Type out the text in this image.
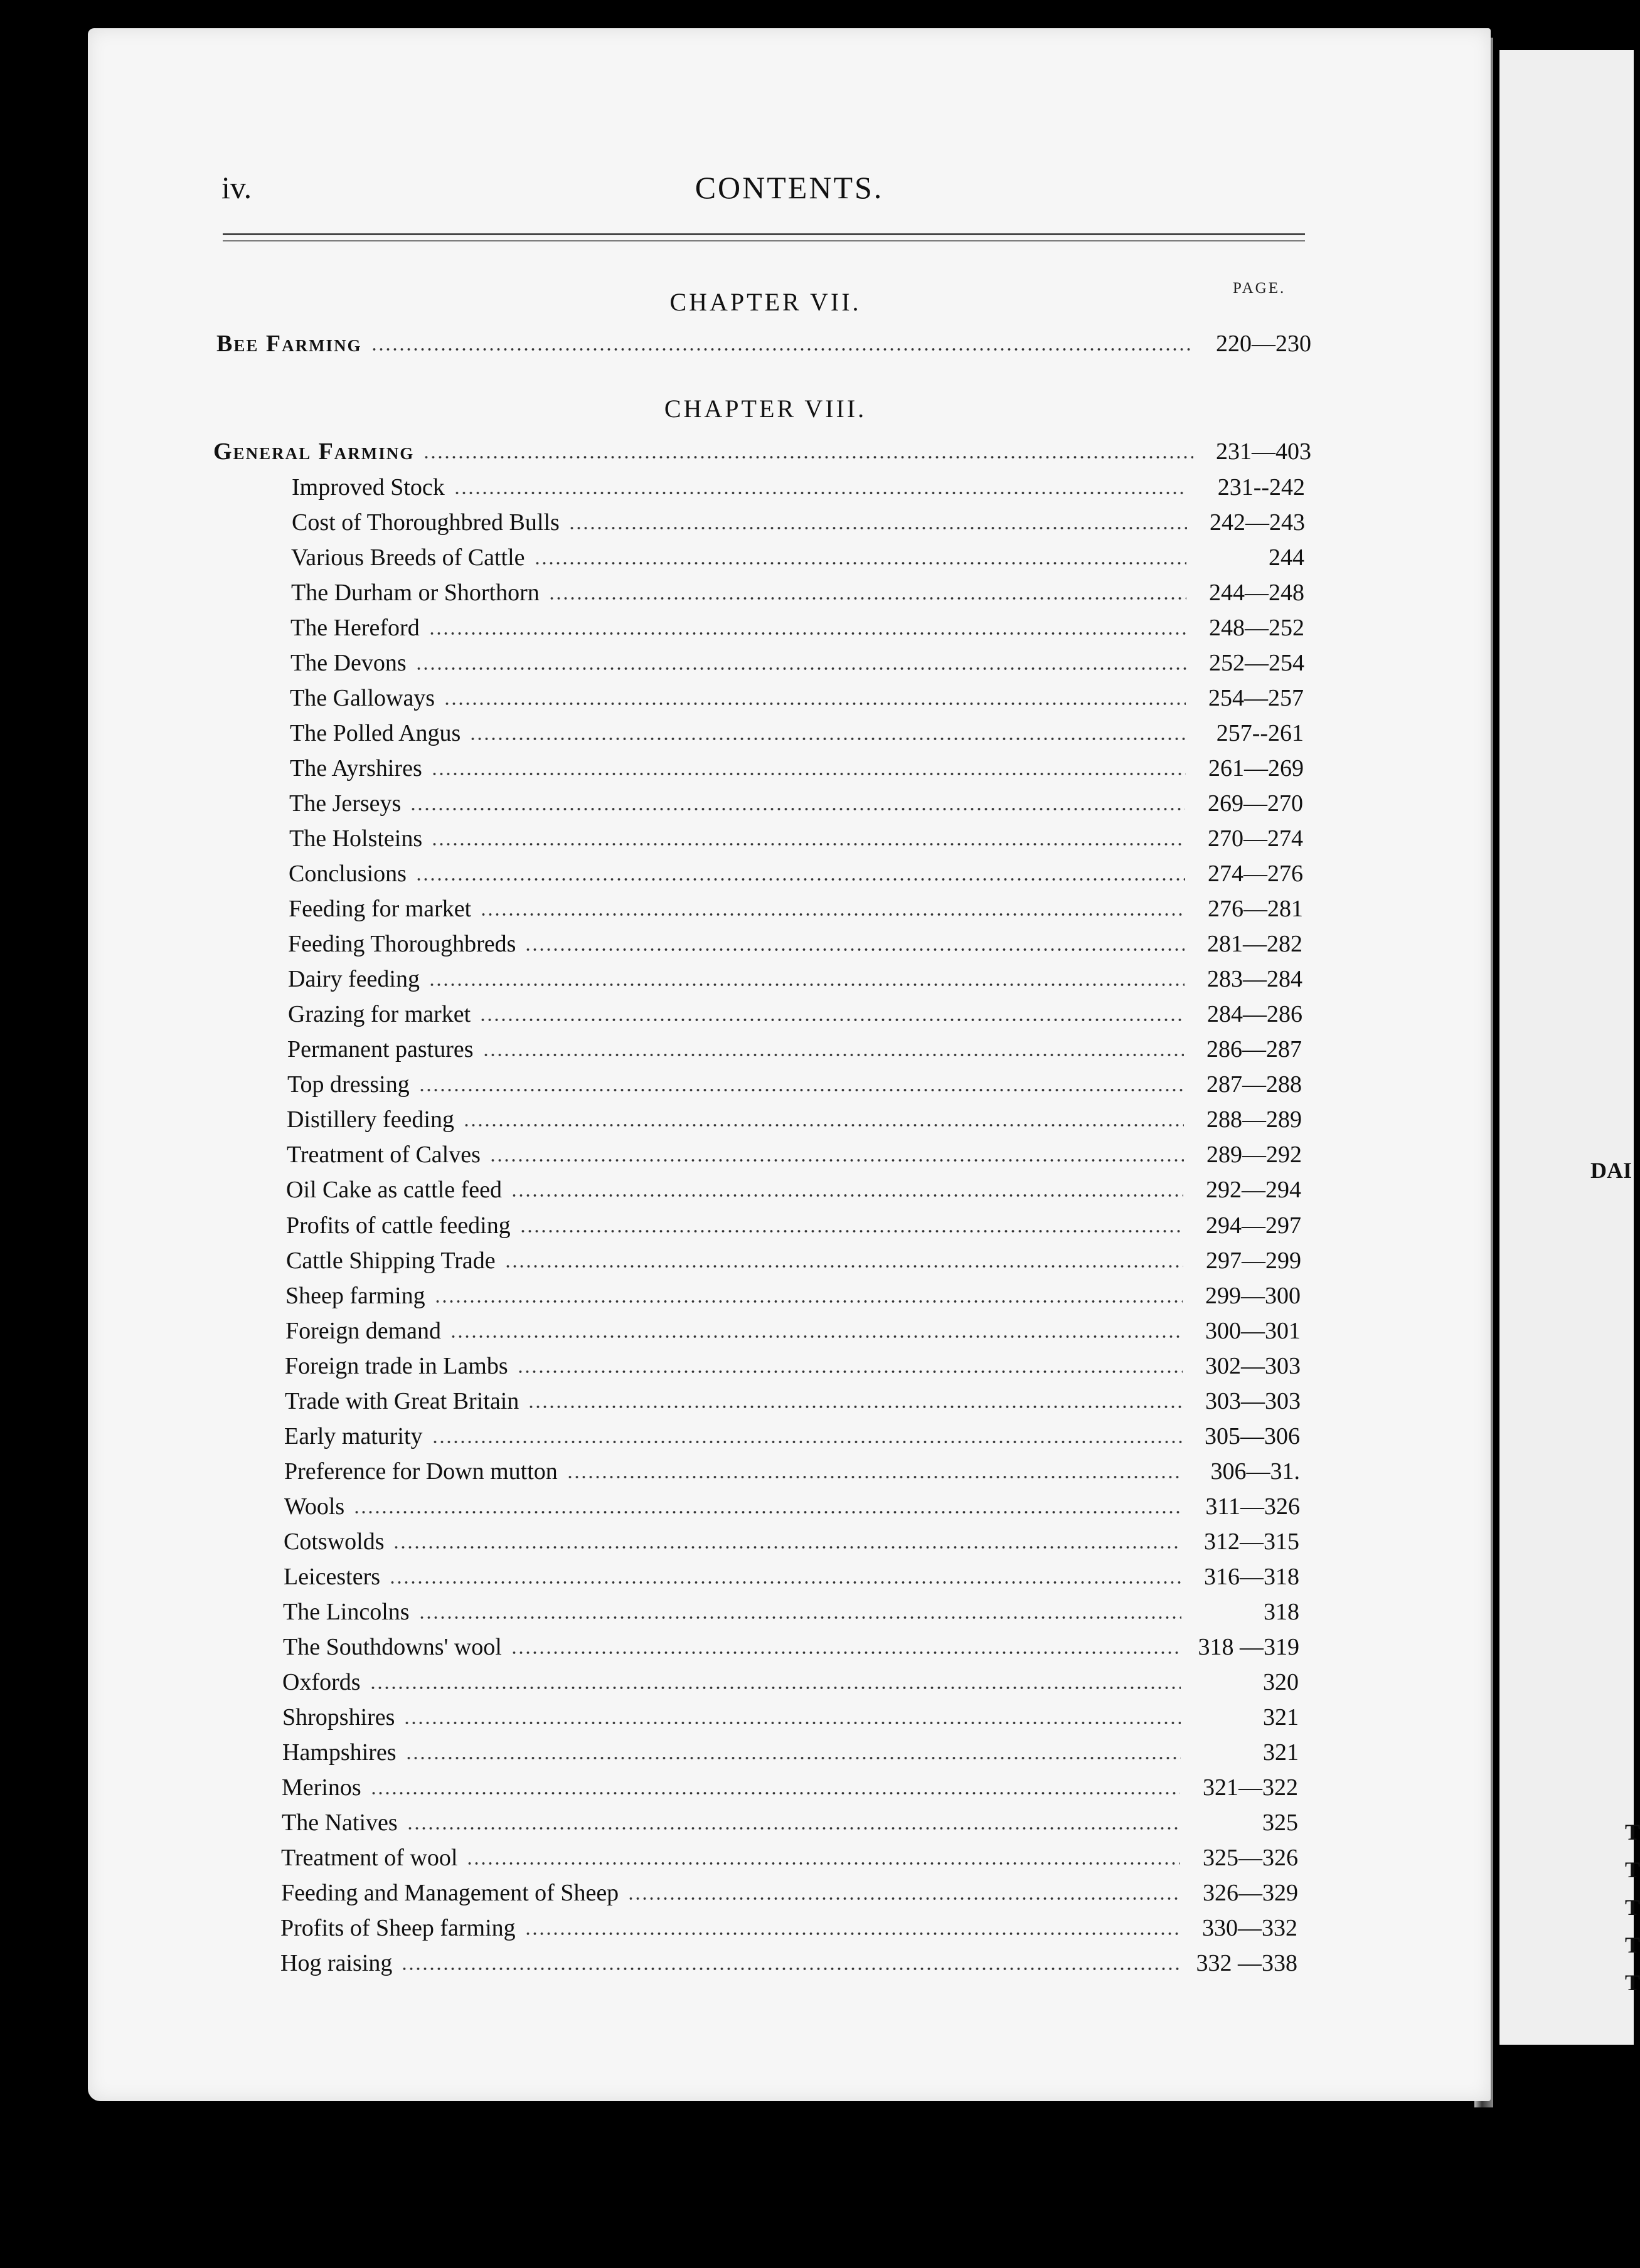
DAI
T
T
T
T
T
iv.	CONTENTS.
PAGE.
CHAPTER VII.
Bee Farming	220—230
CHAPTER VIII.
General Farming	231—403
Improved Stock	231--242
Cost of Thoroughbred Bulls	242—243
Various Breeds of Cattle	244
The Durham or Shorthorn	244—248
The Hereford	248—252
The Devons	252—254
The Galloways	254—257
The Polled Angus	257--261
The Ayrshires	261—269
The Jerseys	269—270
The Holsteins	270—274
Conclusions	274—276
Feeding for market	276—281
Feeding Thoroughbreds	281—282
Dairy feeding	283—284
Grazing for market	284—286
Permanent pastures	286—287
Top dressing	287—288
Distillery feeding	288—289
Treatment of Calves	289—292
Oil Cake as cattle feed	292—294
Profits of cattle feeding	294—297
Cattle Shipping Trade	297—299
Sheep farming	299—300
Foreign demand	300—301
Foreign trade in Lambs	302—303
Trade with Great Britain	303—303
Early maturity	305—306
Preference for Down mutton	306—31.
Wools	311—326
Cotswolds	312—315
Leicesters	316—318
The Lincolns	318
The Southdowns' wool	318 —319
Oxfords	320
Shropshires	321
Hampshires	321
Merinos	321—322
The Natives	325
Treatment of wool	325—326
Feeding and Management of Sheep	326—329
Profits of Sheep farming	330—332
Hog raising	332 —338
